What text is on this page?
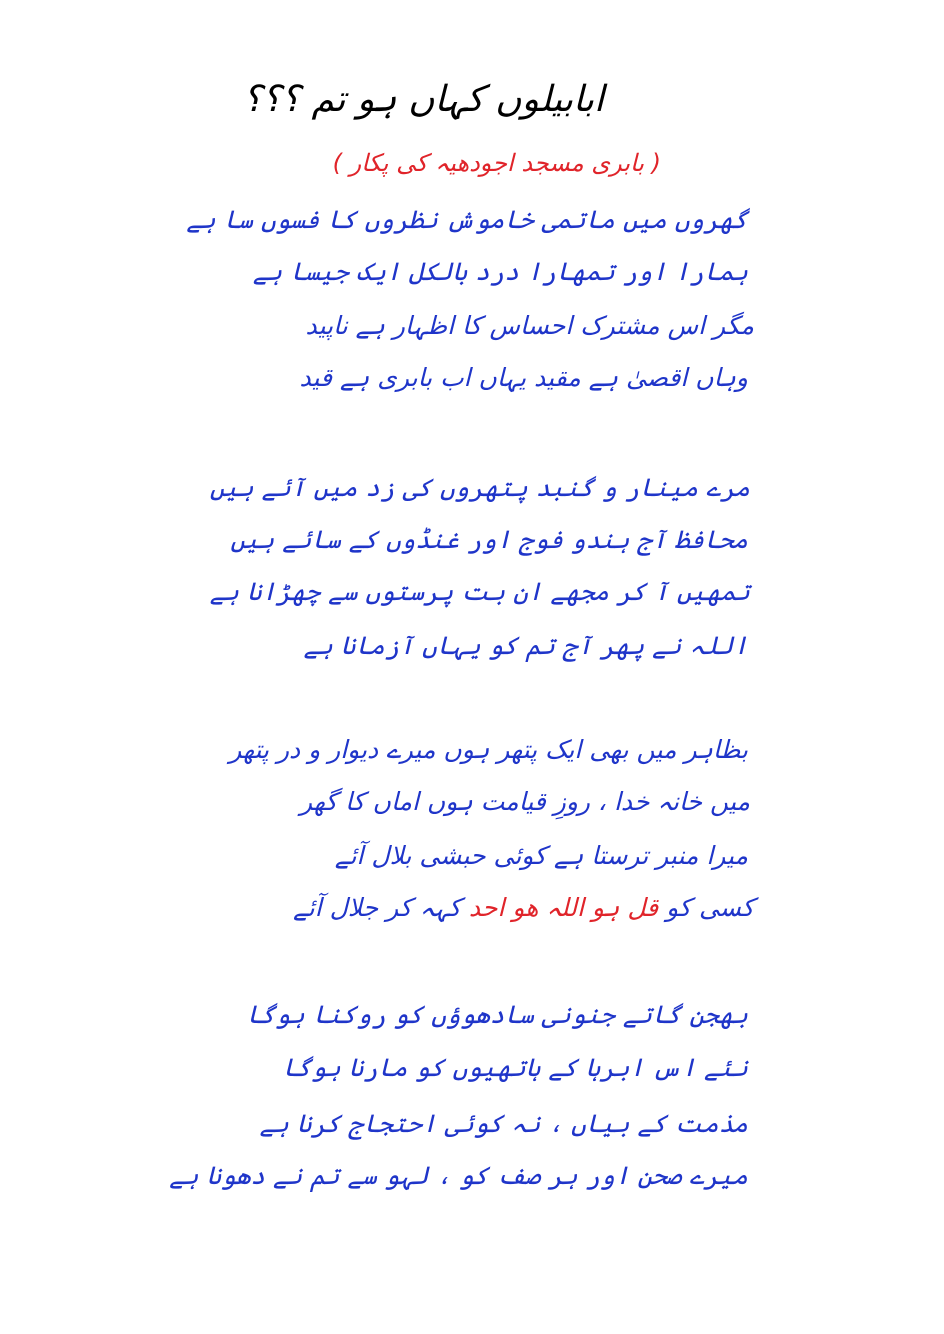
ابابیلوں کہاں ہو تم ؟؟؟
( بابری مسجد اجودھیہ کی پکار )
گھروں میں ماتمی خاموش نظروں کا فسوں سا ہے
ہمارا اور تمھارا درد بالکل ایک جیسا ہے
مگر اس مشترک احساس کا اظہار ہے ناپید
وہاں اقصیٰ ہے مقید یہاں اب بابری ہے قید
مرے مینار و گنبد پتھروں کی زد میں آئے ہیں
محافظ آج ہندو فوج اور غنڈوں کے سائے ہیں
تمھیں آ کر مجھے ان بت پرستوں سے چھڑانا ہے
اللہ نے پھر آج تم کو یہاں آزمانا ہے
بظاہر میں بھی ایک پتھر ہوں میرے دیوار و در پتھر
میں خانہ خدا ، روزِ قیامت ہوں اماں کا گھر
میرا منبر ترستا ہے کوئی حبشی بلال آئے
کسی کو قل ہو اللہ ھو احد کہہ کر جلال آئے
بھجن گاتے جنونی سادھوؤں کو روکنا ہوگا
نئے اس ابرہا کے ہاتھیوں کو مارنا ہوگا
مذمت کے بیاں ، نہ کوئی احتجاج کرنا ہے
میرے صحن اور ہر صف کو ، لہو سے تم نے دھونا ہے
